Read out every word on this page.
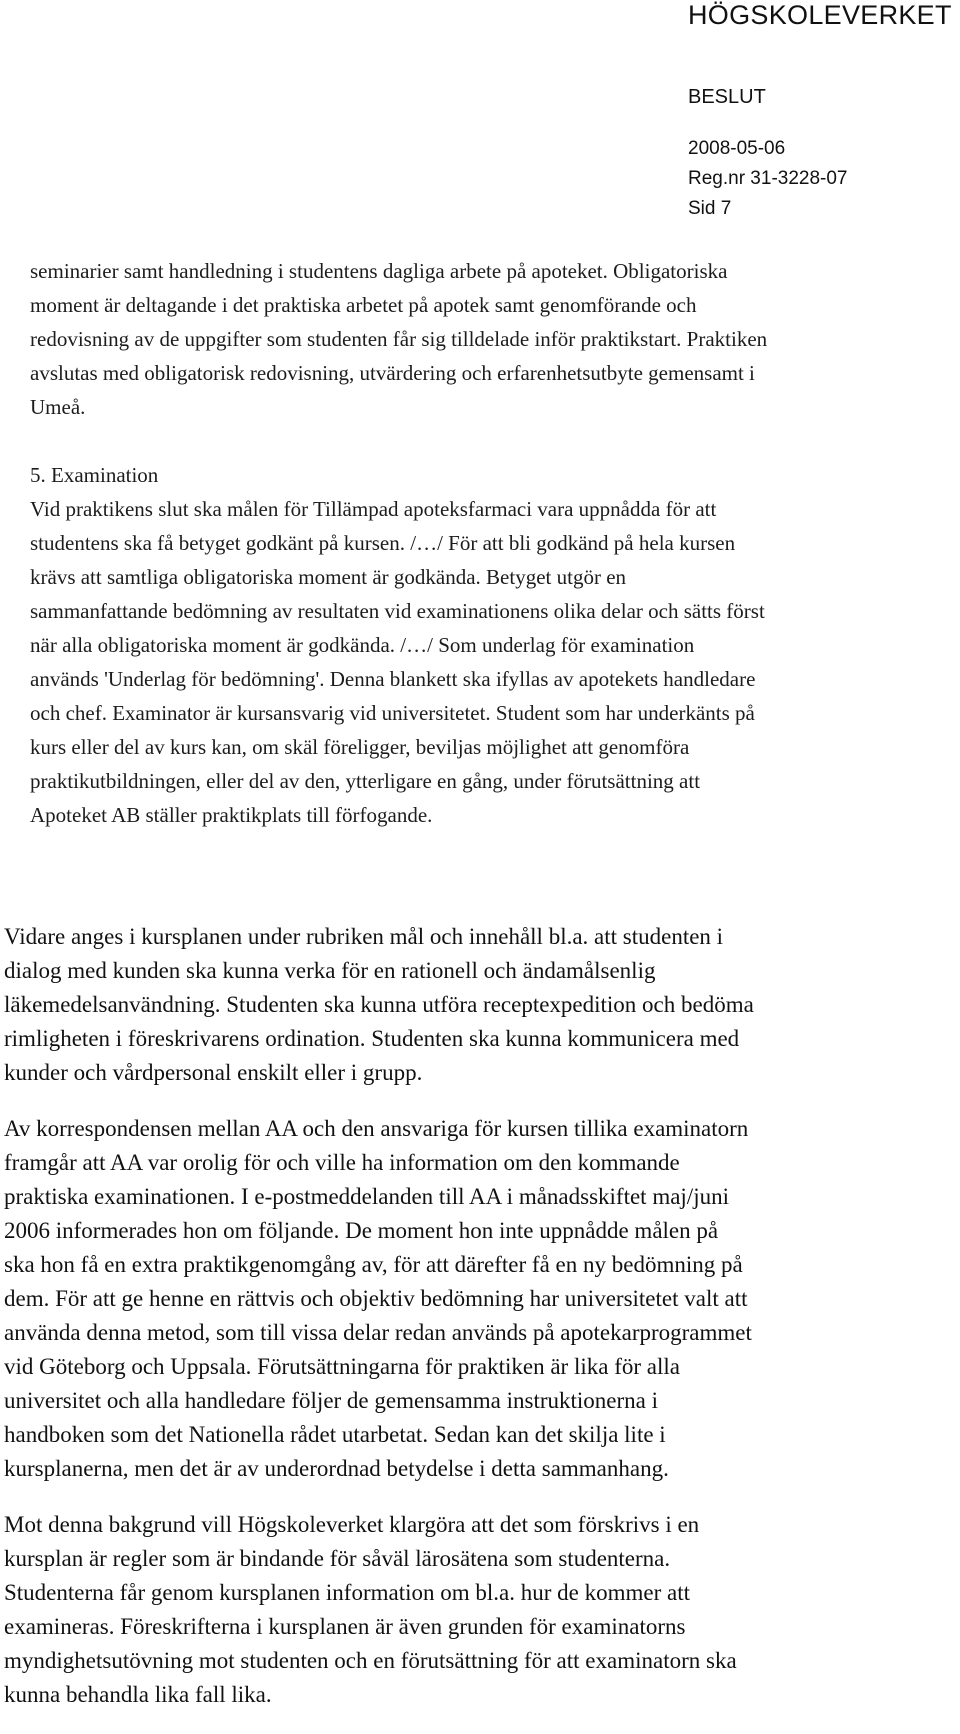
HÖGSKOLEVERKET
BESLUT
2008-05-06
Reg.nr 31-3228-07
Sid 7
seminarier samt handledning i studentens dagliga arbete på apoteket. Obligatoriska
moment är deltagande i det praktiska arbetet på apotek samt genomförande och
redovisning av de uppgifter som studenten får sig tilldelade inför praktikstart. Praktiken
avslutas med obligatorisk redovisning, utvärdering och erfarenhetsutbyte gemensamt i
Umeå.
5. Examination
Vid praktikens slut ska målen för Tillämpad apoteksfarmaci vara uppnådda för att
studentens ska få betyget godkänt på kursen. /…/ För att bli godkänd på hela kursen
krävs att samtliga obligatoriska moment är godkända. Betyget utgör en
sammanfattande bedömning av resultaten vid examinationens olika delar och sätts först
när alla obligatoriska moment är godkända. /…/ Som underlag för examination
används 'Underlag för bedömning'. Denna blankett ska ifyllas av apotekets handledare
och chef. Examinator är kursansvarig vid universitetet. Student som har underkänts på
kurs eller del av kurs kan, om skäl föreligger, beviljas möjlighet att genomföra
praktikutbildningen, eller del av den, ytterligare en gång, under förutsättning att
Apoteket AB ställer praktikplats till förfogande.
Vidare anges i kursplanen under rubriken mål och innehåll bl.a. att studenten i
dialog med kunden ska kunna verka för en rationell och ändamålsenlig
läkemedelsanvändning. Studenten ska kunna utföra receptexpedition och bedöma
rimligheten i föreskrivarens ordination. Studenten ska kunna kommunicera med
kunder och vårdpersonal enskilt eller i grupp.
Av korrespondensen mellan AA och den ansvariga för kursen tillika examinatorn
framgår att AA var orolig för och ville ha information om den kommande
praktiska examinationen. I e-postmeddelanden till AA i månadsskiftet maj/juni
2006 informerades hon om följande. De moment hon inte uppnådde målen på
ska hon få en extra praktikgenomgång av, för att därefter få en ny bedömning på
dem. För att ge henne en rättvis och objektiv bedömning har universitetet valt att
använda denna metod, som till vissa delar redan används på apotekarprogrammet
vid Göteborg och Uppsala. Förutsättningarna för praktiken är lika för alla
universitet och alla handledare följer de gemensamma instruktionerna i
handboken som det Nationella rådet utarbetat. Sedan kan det skilja lite i
kursplanerna, men det är av underordnad betydelse i detta sammanhang.
Mot denna bakgrund vill Högskoleverket klargöra att det som förskrivs i en
kursplan är regler som är bindande för såväl lärosätena som studenterna.
Studenterna får genom kursplanen information om bl.a. hur de kommer att
examineras. Föreskrifterna i kursplanen är även grunden för examinatorns
myndighetsutövning mot studenten och en förutsättning för att examinatorn ska
kunna behandla lika fall lika.
